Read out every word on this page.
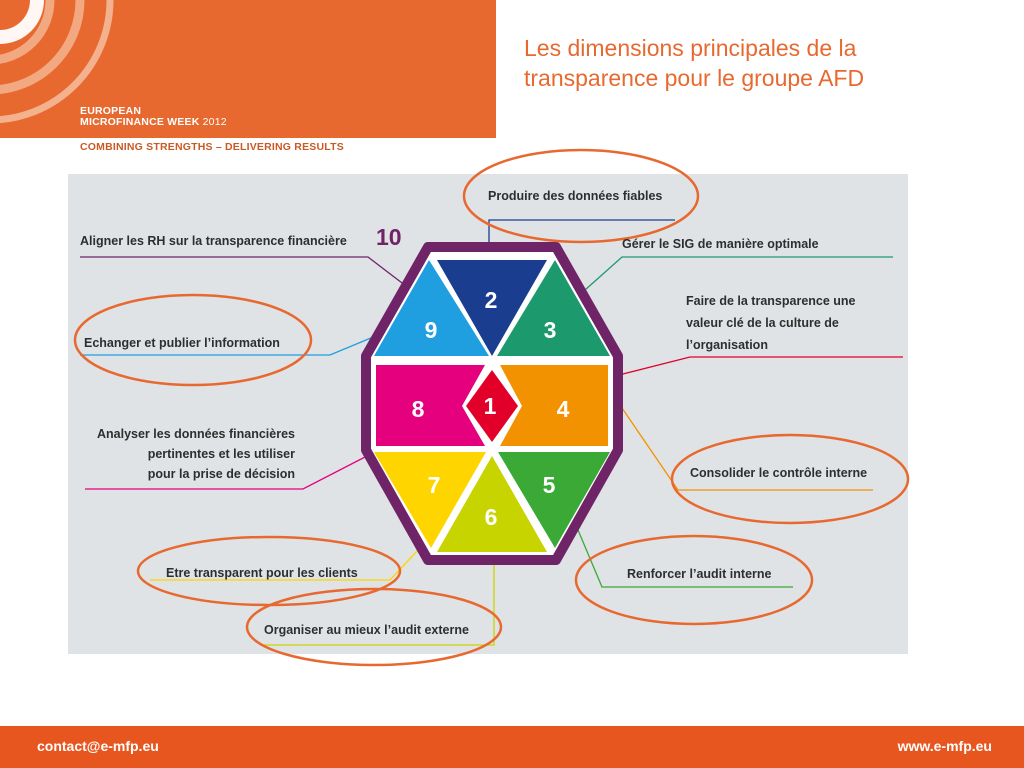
EUROPEAN
MICROFINANCE WEEK 2012
COMBINING STRENGTHS – DELIVERING RESULTS
Les dimensions principales de la
transparence pour le groupe AFD
9
2
3
8	1	4
7	5
6
10
Produire des données fiables
Gérer le SIG de manière optimale
Faire de la transparence une
valeur clé de la culture de
l’organisation
Aligner les RH sur la transparence financière
Echanger et publier l’information
Analyser les données financières
pertinentes et les utiliser
pour la prise de décision	Consolider le contrôle interne
Etre transparent pour les clients	Renforcer l’audit interne
Organiser au mieux l’audit externe
contact@e-mfp.eu	www.e-mfp.eu
